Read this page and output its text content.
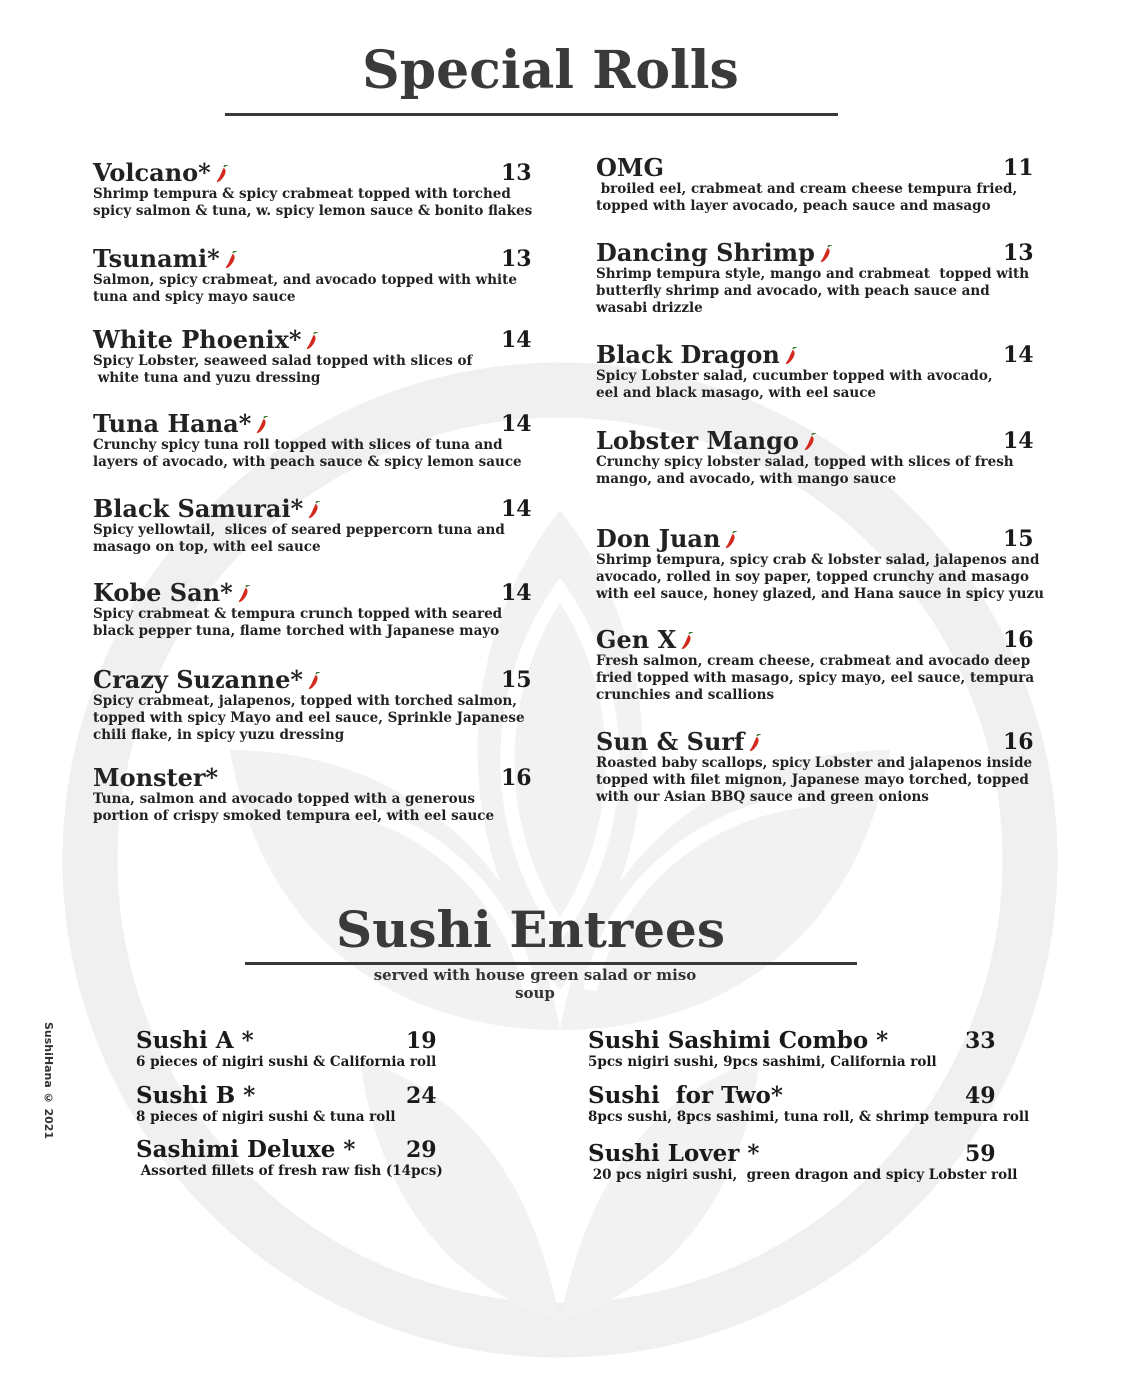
Special Rolls
Volcano*	13
Shrimp tempura & spicy crabmeat topped with torched
spicy salmon & tuna, w. spicy lemon sauce & bonito flakes
Tsunami*	13
Salmon, spicy crabmeat, and avocado topped with white
tuna and spicy mayo sauce
White Phoenix*	14
Spicy Lobster, seaweed salad topped with slices of
white tuna and yuzu dressing
Tuna Hana*	14
Crunchy spicy tuna roll topped with slices of tuna and
layers of avocado, with peach sauce & spicy lemon sauce
Black Samurai*	14
Spicy yellowtail,  slices of seared peppercorn tuna and
masago on top, with eel sauce
Kobe San*	14
Spicy crabmeat & tempura crunch topped with seared
black pepper tuna, flame torched with Japanese mayo
Crazy Suzanne*	15
Spicy crabmeat, jalapenos, topped with torched salmon,
topped with spicy Mayo and eel sauce, Sprinkle Japanese
chili flake, in spicy yuzu dressing
Monster*	16
Tuna, salmon and avocado topped with a generous
portion of crispy smoked tempura eel, with eel sauce
OMG	11
broiled eel, crabmeat and cream cheese tempura fried,
topped with layer avocado, peach sauce and masago
Dancing Shrimp	13
Shrimp tempura style, mango and crabmeat  topped with
butterfly shrimp and avocado, with peach sauce and
wasabi drizzle
Black Dragon	14
Spicy Lobster salad, cucumber topped with avocado,
eel and black masago, with eel sauce
Lobster Mango	14
Crunchy spicy lobster salad, topped with slices of fresh
mango, and avocado, with mango sauce
Don Juan	15
Shrimp tempura, spicy crab & lobster salad, jalapenos and
avocado, rolled in soy paper, topped crunchy and masago
with eel sauce, honey glazed, and Hana sauce in spicy yuzu
Gen X	16
Fresh salmon, cream cheese, crabmeat and avocado deep
fried topped with masago, spicy mayo, eel sauce, tempura
crunchies and scallions
Sun & Surf	16
Roasted baby scallops, spicy Lobster and jalapenos inside
topped with filet mignon, Japanese mayo torched, topped
with our Asian BBQ sauce and green onions
Sushi Entrees
served with house green salad or miso soup
Sushi A *	19
6 pieces of nigiri sushi & California roll
Sushi B *	24
8 pieces of nigiri sushi & tuna roll
Sashimi Deluxe *	29
Assorted fillets of fresh raw fish (14pcs)
Sushi Sashimi Combo *	33
5pcs nigiri sushi, 9pcs sashimi, California roll
Sushi  for Two*	49
8pcs sushi, 8pcs sashimi, tuna roll, & shrimp tempura roll
Sushi Lover *	59
20 pcs nigiri sushi,  green dragon and spicy Lobster roll
SushiHana © 2021
